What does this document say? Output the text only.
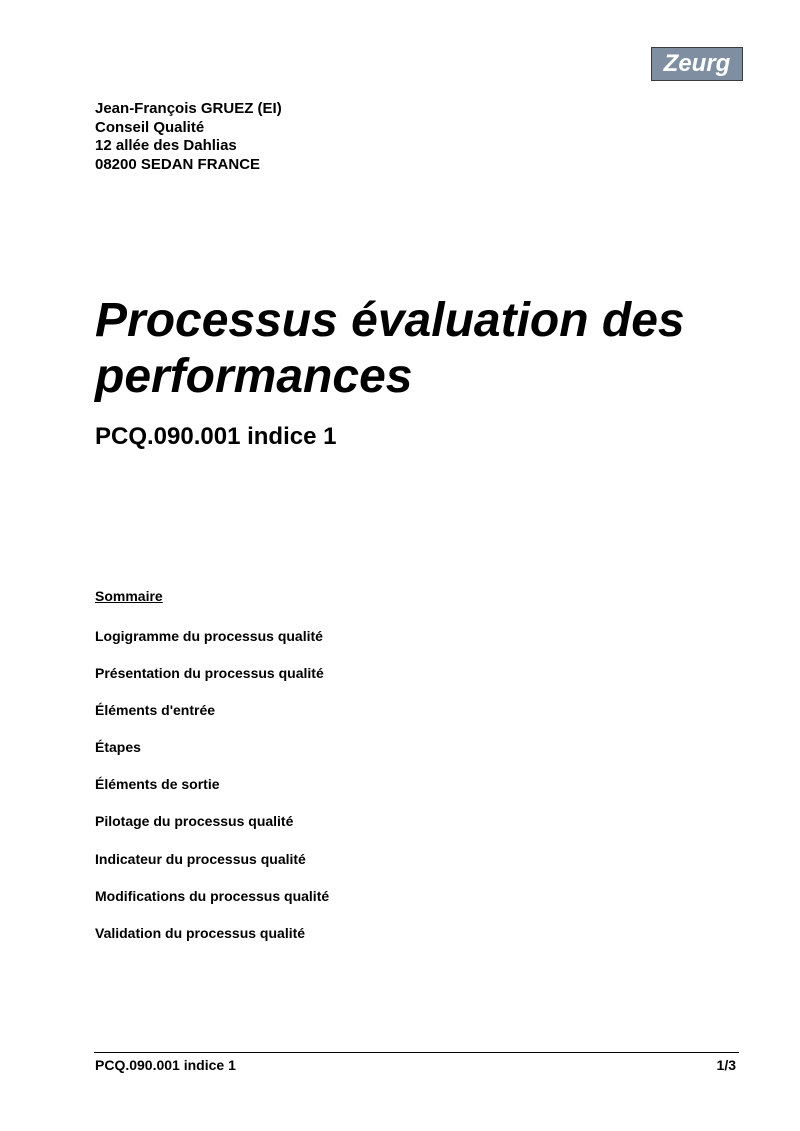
Zeurg
Jean-François GRUEZ (EI)
Conseil Qualité
12 allée des Dahlias
08200 SEDAN FRANCE
Processus évaluation des performances
PCQ.090.001 indice 1
Sommaire
Logigramme du processus qualité
Présentation du processus qualité
Éléments d'entrée
Étapes
Éléments de sortie
Pilotage du processus qualité
Indicateur du processus qualité
Modifications du processus qualité
Validation du processus qualité
PCQ.090.001 indice 1	1/3
